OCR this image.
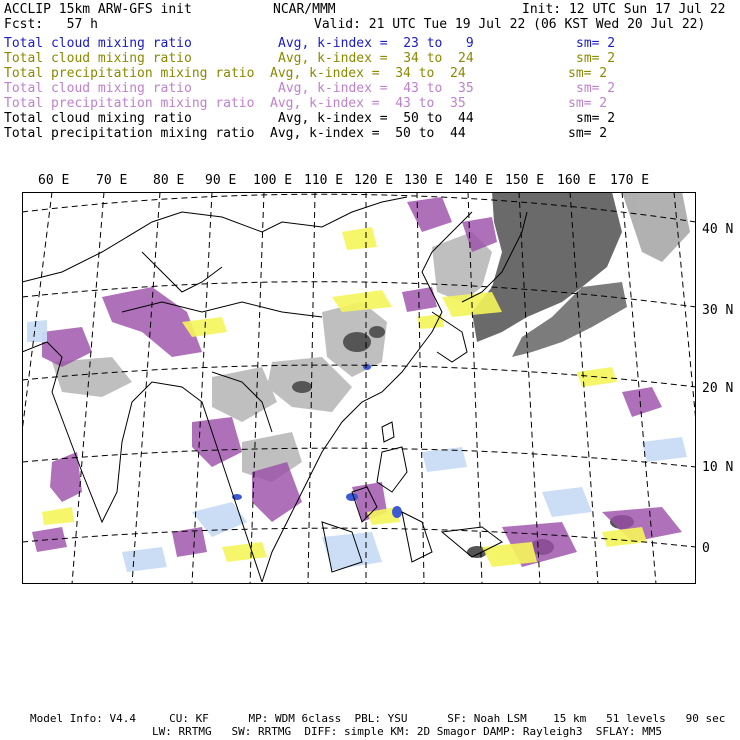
ACCLIP 15km ARW-GFS init	NCAR/MMM	Init: 12 UTC Sun 17 Jul 22
Fcst:   57 h	Valid: 21 UTC Tue 19 Jul 22 (06 KST Wed 20 Jul 22)
Total cloud mixing ratio	Avg, k-index =  23 to   9	sm= 2
Total cloud mixing ratio	Avg, k-index =  34 to  24	sm= 2
Total precipitation mixing ratio Avg, k-index =  34 to  24	sm= 2
Total cloud mixing ratio	Avg, k-index =  43 to  35	sm= 2
Total precipitation mixing ratio Avg, k-index =  43 to  35	sm= 2
Total cloud mixing ratio	Avg, k-index =  50 to  44	sm= 2
Total precipitation mixing ratio Avg, k-index =  50 to  44	sm= 2
60 E 70 E 80 E 90 E 100 E 110 E 120 E 130 E 140 E 150 E 160 E 170 E
40 N
30 N
20 N
10 N
0
Model Info: V4.4     CU: KF      MP: WDM 6class  PBL: YSU      SF: Noah LSM    15 km   51 levels   90 sec
LW: RRTMG   SW: RRTMG  DIFF: simple KM: 2D Smagor DAMP: Rayleigh3  SFLAY: MM5
